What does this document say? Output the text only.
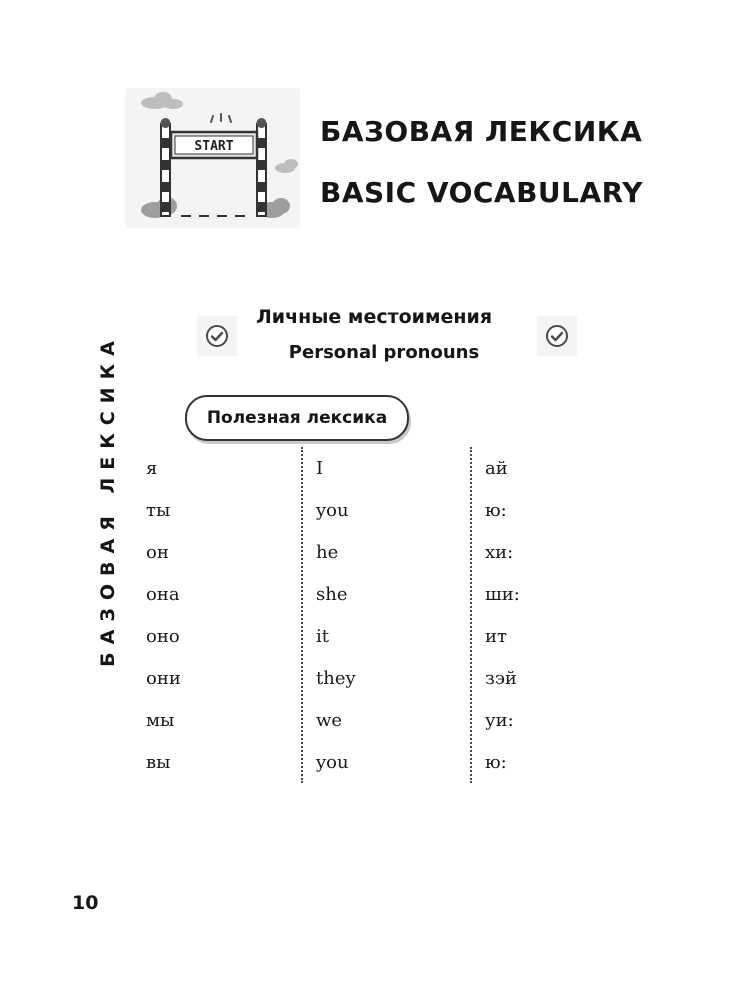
START	БАЗОВАЯ ЛЕКСИКА
BASIC VOCABULARY
БАЗОВАЯ ЛЕКСИКА
Личные местоимения
Personal pronouns
Полезная лексика
я	I	ай
ты	you	ю:
он	he	хи:
она	she	ши:
оно	it	ит
они	they	зэй
мы	we	уи:
вы	you	ю:
10
